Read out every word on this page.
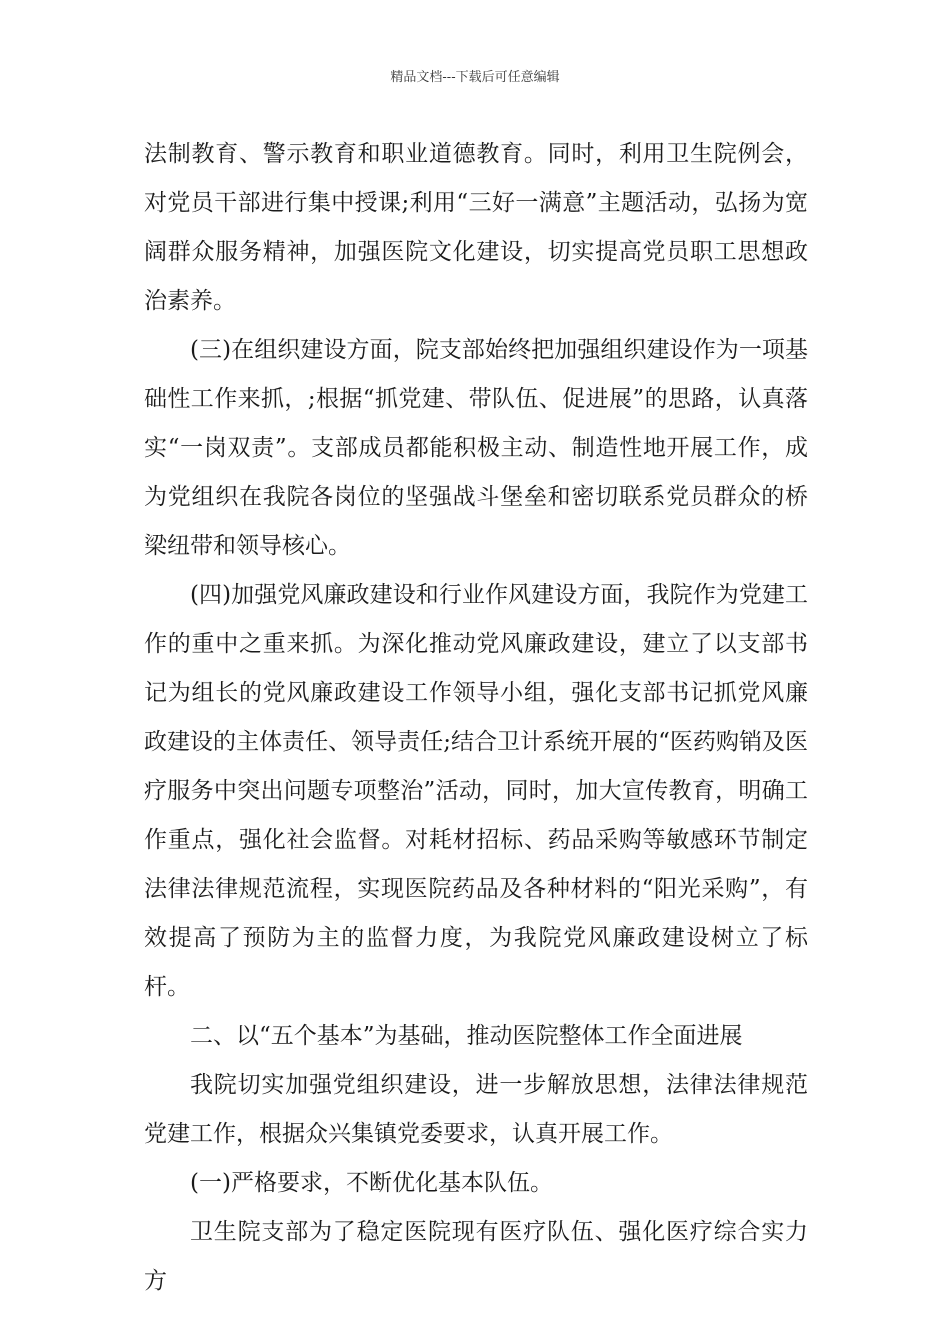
精品文档---下载后可任意编辑

法制教育、警示教育和职业道德教育。同时，利用卫生院例会，对党员干部进行集中授课;利用“三好一满意”主题活动，弘扬为宽阔群众服务精神，加强医院文化建设，切实提高党员职工思想政治素养。

(三)在组织建设方面，院支部始终把加强组织建设作为一项基础性工作来抓，;根据“抓党建、带队伍、促进展”的思路，认真落实“一岗双责”。支部成员都能积极主动、制造性地开展工作，成为党组织在我院各岗位的坚强战斗堡垒和密切联系党员群众的桥梁纽带和领导核心。

(四)加强党风廉政建设和行业作风建设方面，我院作为党建工作的重中之重来抓。为深化推动党风廉政建设，建立了以支部书记为组长的党风廉政建设工作领导小组，强化支部书记抓党风廉政建设的主体责任、领导责任;结合卫计系统开展的“医药购销及医疗服务中突出问题专项整治”活动，同时，加大宣传教育，明确工作重点，强化社会监督。对耗材招标、药品采购等敏感环节制定法律法律规范流程，实现医院药品及各种材料的“阳光采购”，有效提高了预防为主的监督力度，为我院党风廉政建设树立了标杆。

二、以“五个基本”为基础，推动医院整体工作全面进展

我院切实加强党组织建设，进一步解放思想，法律法律规范党建工作，根据众兴集镇党委要求，认真开展工作。

(一)严格要求，不断优化基本队伍。

卫生院支部为了稳定医院现有医疗队伍、强化医疗综合实力方
